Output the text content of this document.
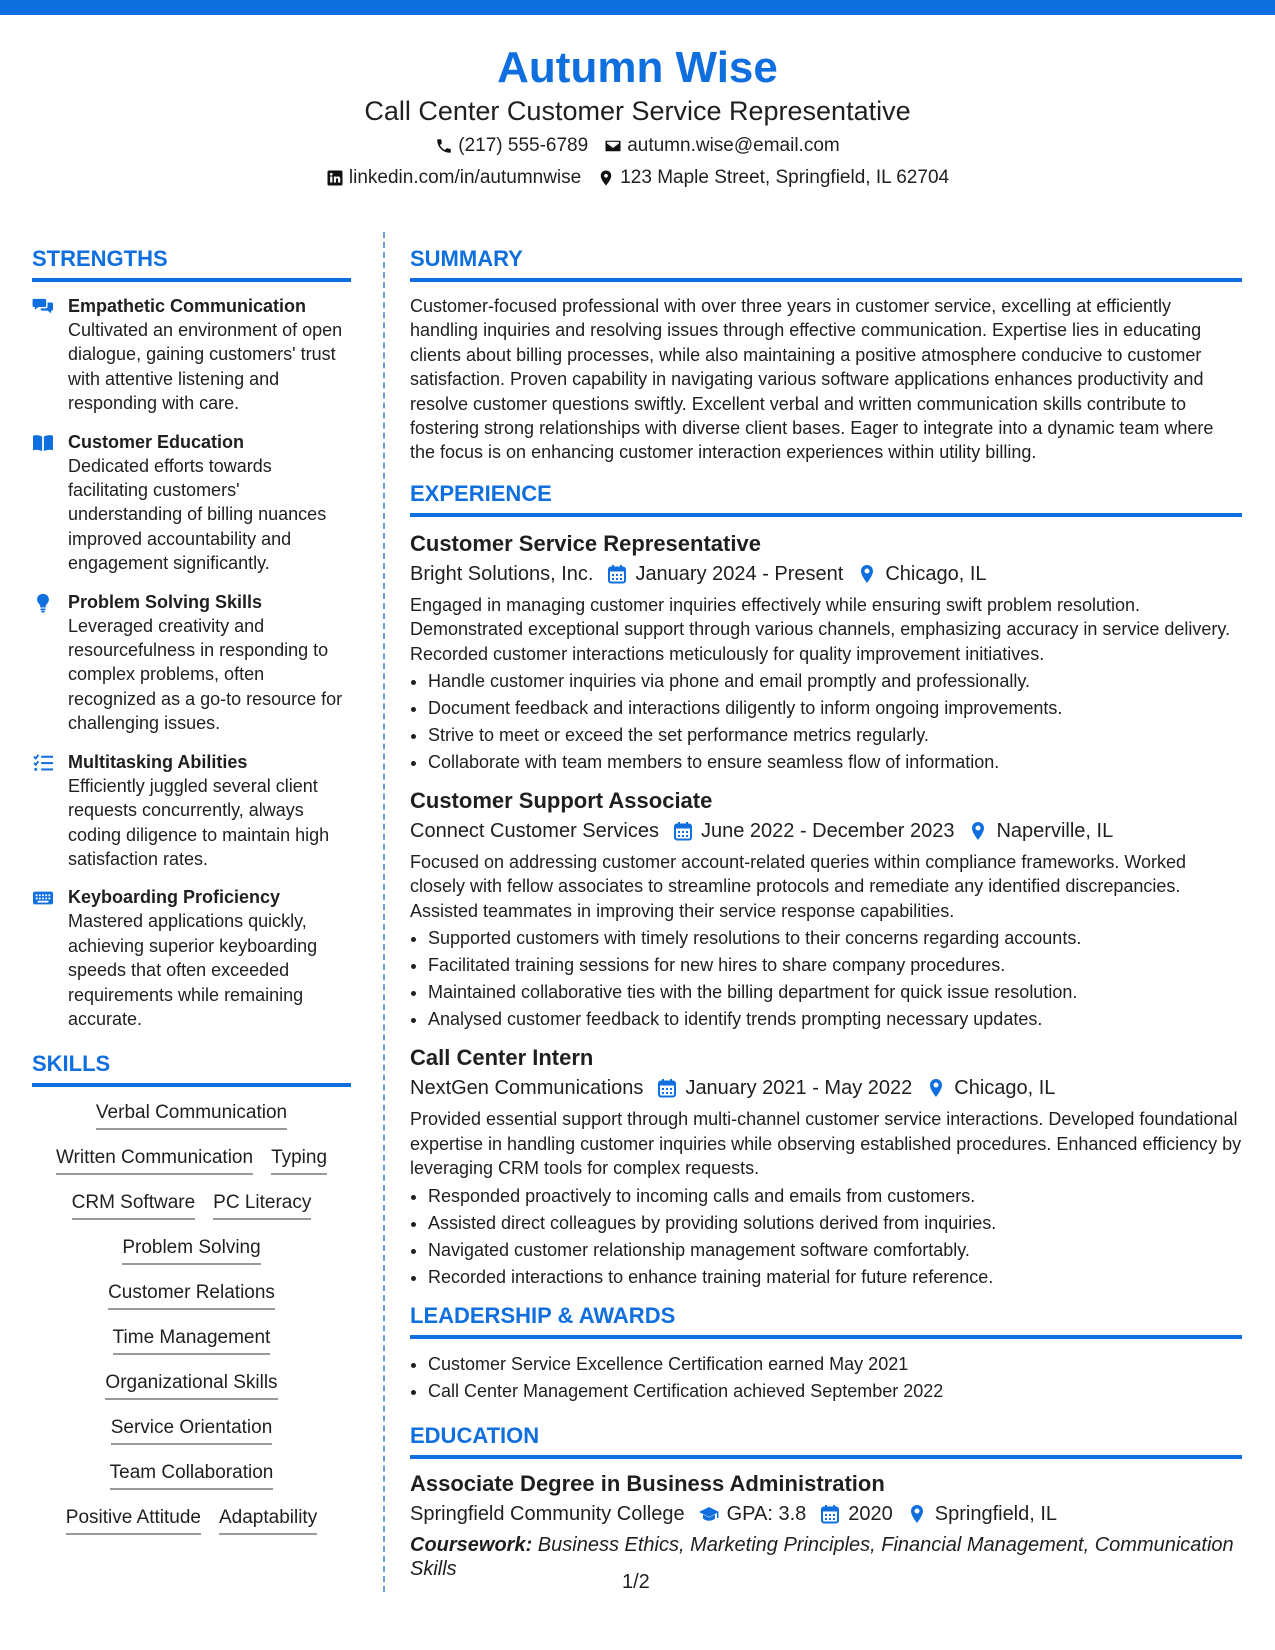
Autumn Wise
Call Center Customer Service Representative
(217) 555-6789 autumn.wise@email.com
linkedin.com/in/autumnwise 123 Maple Street, Springfield, IL 62704
STRENGTHS
Empathetic Communication
Cultivated an environment of open dialogue, gaining customers' trust with attentive listening and responding with care.
Customer Education
Dedicated efforts towards facilitating customers' understanding of billing nuances improved accountability and engagement significantly.
Problem Solving Skills
Leveraged creativity and resourcefulness in responding to complex problems, often recognized as a go-to resource for challenging issues.
Multitasking Abilities
Efficiently juggled several client requests concurrently, always coding diligence to maintain high satisfaction rates.
Keyboarding Proficiency
Mastered applications quickly, achieving superior keyboarding speeds that often exceeded requirements while remaining accurate.
SKILLS
Verbal Communication
Written Communication Typing
CRM Software PC Literacy
Problem Solving
Customer Relations
Time Management
Organizational Skills
Service Orientation
Team Collaboration
Positive Attitude Adaptability
SUMMARY

Customer-focused professional with over three years in customer service, excelling at efficiently handling inquiries and resolving issues through effective communication. Expertise lies in educating clients about billing processes, while also maintaining a positive atmosphere conducive to customer satisfaction. Proven capability in navigating various software applications enhances productivity and resolve customer questions swiftly. Excellent verbal and written communication skills contribute to fostering strong relationships with diverse client bases. Eager to integrate into a dynamic team where the focus is on enhancing customer interaction experiences within utility billing.

EXPERIENCE
Customer Service Representative
Bright Solutions, Inc. January 2024 - Present Chicago, IL

Engaged in managing customer inquiries effectively while ensuring swift problem resolution. Demonstrated exceptional support through various channels, emphasizing accuracy in service delivery. Recorded customer interactions meticulously for quality improvement initiatives.

• Handle customer inquiries via phone and email promptly and professionally.
• Document feedback and interactions diligently to inform ongoing improvements.
• Strive to meet or exceed the set performance metrics regularly.
• Collaborate with team members to ensure seamless flow of information.
Customer Support Associate
Connect Customer Services June 2022 - December 2023 Naperville, IL

Focused on addressing customer account-related queries within compliance frameworks. Worked closely with fellow associates to streamline protocols and remediate any identified discrepancies. Assisted teammates in improving their service response capabilities.

• Supported customers with timely resolutions to their concerns regarding accounts.
• Facilitated training sessions for new hires to share company procedures.
• Maintained collaborative ties with the billing department for quick issue resolution.
• Analysed customer feedback to identify trends prompting necessary updates.
Call Center Intern
NextGen Communications January 2021 - May 2022 Chicago, IL

Provided essential support through multi-channel customer service interactions. Developed foundational expertise in handling customer inquiries while observing established procedures. Enhanced efficiency by leveraging CRM tools for complex requests.

• Responded proactively to incoming calls and emails from customers.
• Assisted direct colleagues by providing solutions derived from inquiries.
• Navigated customer relationship management software comfortably.
• Recorded interactions to enhance training material for future reference.
LEADERSHIP & AWARDS
• Customer Service Excellence Certification earned May 2021
• Call Center Management Certification achieved September 2022
EDUCATION
Associate Degree in Business Administration
Springfield Community College GPA: 3.8 2020 Springfield, IL
Coursework: Business Ethics, Marketing Principles, Financial Management, Communication Skills
1/2
